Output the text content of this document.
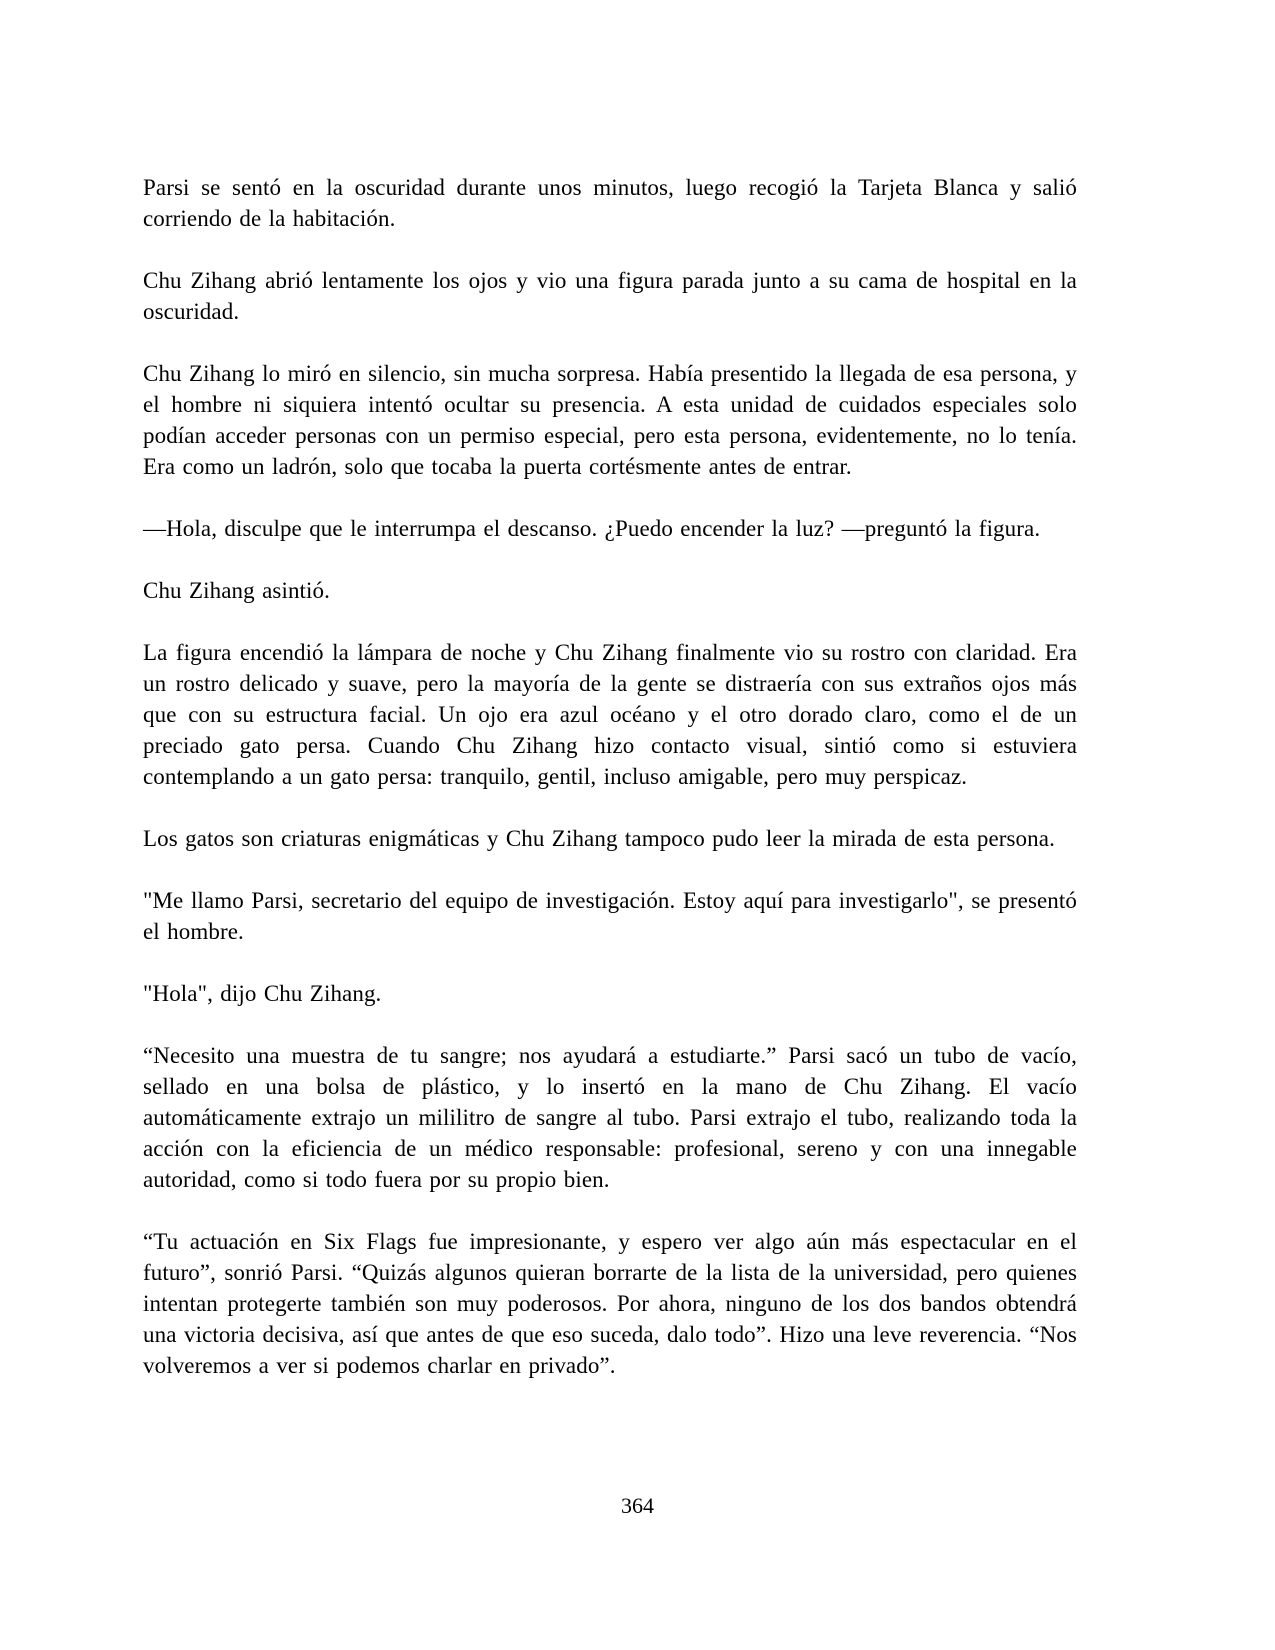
Parsi se sentó en la oscuridad durante unos minutos, luego recogió la Tarjeta Blanca y salió corriendo de la habitación.

Chu Zihang abrió lentamente los ojos y vio una figura parada junto a su cama de hospital en la oscuridad.

Chu Zihang lo miró en silencio, sin mucha sorpresa. Había presentido la llegada de esa persona, y el hombre ni siquiera intentó ocultar su presencia. A esta unidad de cuidados especiales solo podían acceder personas con un permiso especial, pero esta persona, evidentemente, no lo tenía. Era como un ladrón, solo que tocaba la puerta cortésmente antes de entrar.

—Hola, disculpe que le interrumpa el descanso. ¿Puedo encender la luz? —preguntó la figura.

Chu Zihang asintió.

La figura encendió la lámpara de noche y Chu Zihang finalmente vio su rostro con claridad. Era un rostro delicado y suave, pero la mayoría de la gente se distraería con sus extraños ojos más que con su estructura facial. Un ojo era azul océano y el otro dorado claro, como el de un preciado gato persa. Cuando Chu Zihang hizo contacto visual, sintió como si estuviera contemplando a un gato persa: tranquilo, gentil, incluso amigable, pero muy perspicaz.

Los gatos son criaturas enigmáticas y Chu Zihang tampoco pudo leer la mirada de esta persona.

"Me llamo Parsi, secretario del equipo de investigación. Estoy aquí para investigarlo", se presentó el hombre.

"Hola", dijo Chu Zihang.

“Necesito una muestra de tu sangre; nos ayudará a estudiarte.” Parsi sacó un tubo de vacío, sellado en una bolsa de plástico, y lo insertó en la mano de Chu Zihang. El vacío automáticamente extrajo un mililitro de sangre al tubo. Parsi extrajo el tubo, realizando toda la acción con la eficiencia de un médico responsable: profesional, sereno y con una innegable autoridad, como si todo fuera por su propio bien.

“Tu actuación en Six Flags fue impresionante, y espero ver algo aún más espectacular en el futuro”, sonrió Parsi. “Quizás algunos quieran borrarte de la lista de la universidad, pero quienes intentan protegerte también son muy poderosos. Por ahora, ninguno de los dos bandos obtendrá una victoria decisiva, así que antes de que eso suceda, dalo todo”. Hizo una leve reverencia. “Nos volveremos a ver si podemos charlar en privado”.

364
